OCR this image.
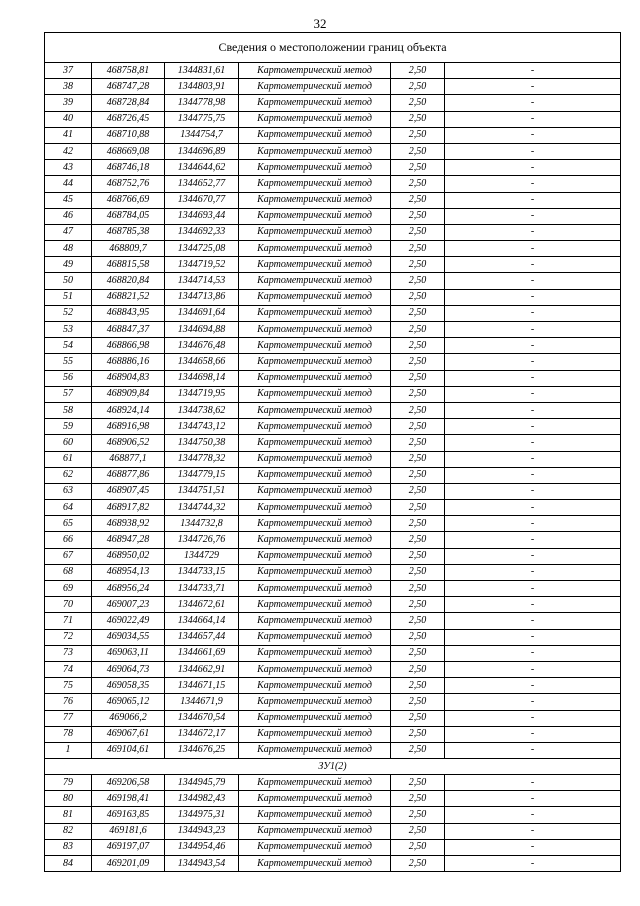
32
Сведения о местоположении границ объекта					
37	468758,81	1344831,61	Картометрический метод	2,50	-
38	468747,28	1344803,91	Картометрический метод	2,50	-
39	468728,84	1344778,98	Картометрический метод	2,50	-
40	468726,45	1344775,75	Картометрический метод	2,50	-
41	468710,88	1344754,7	Картометрический метод	2,50	-
42	468669,08	1344696,89	Картометрический метод	2,50	-
43	468746,18	1344644,62	Картометрический метод	2,50	-
44	468752,76	1344652,77	Картометрический метод	2,50	-
45	468766,69	1344670,77	Картометрический метод	2,50	-
46	468784,05	1344693,44	Картометрический метод	2,50	-
47	468785,38	1344692,33	Картометрический метод	2,50	-
48	468809,7	1344725,08	Картометрический метод	2,50	-
49	468815,58	1344719,52	Картометрический метод	2,50	-
50	468820,84	1344714,53	Картометрический метод	2,50	-
51	468821,52	1344713,86	Картометрический метод	2,50	-
52	468843,95	1344691,64	Картометрический метод	2,50	-
53	468847,37	1344694,88	Картометрический метод	2,50	-
54	468866,98	1344676,48	Картометрический метод	2,50	-
55	468886,16	1344658,66	Картометрический метод	2,50	-
56	468904,83	1344698,14	Картометрический метод	2,50	-
57	468909,84	1344719,95	Картометрический метод	2,50	-
58	468924,14	1344738,62	Картометрический метод	2,50	-
59	468916,98	1344743,12	Картометрический метод	2,50	-
60	468906,52	1344750,38	Картометрический метод	2,50	-
61	468877,1	1344778,32	Картометрический метод	2,50	-
62	468877,86	1344779,15	Картометрический метод	2,50	-
63	468907,45	1344751,51	Картометрический метод	2,50	-
64	468917,82	1344744,32	Картометрический метод	2,50	-
65	468938,92	1344732,8	Картометрический метод	2,50	-
66	468947,28	1344726,76	Картометрический метод	2,50	-
67	468950,02	1344729	Картометрический метод	2,50	-
68	468954,13	1344733,15	Картометрический метод	2,50	-
69	468956,24	1344733,71	Картометрический метод	2,50	-
70	469007,23	1344672,61	Картометрический метод	2,50	-
71	469022,49	1344664,14	Картометрический метод	2,50	-
72	469034,55	1344657,44	Картометрический метод	2,50	-
73	469063,11	1344661,69	Картометрический метод	2,50	-
74	469064,73	1344662,91	Картометрический метод	2,50	-
75	469058,35	1344671,15	Картометрический метод	2,50	-
76	469065,12	1344671,9	Картометрический метод	2,50	-
77	469066,2	1344670,54	Картометрический метод	2,50	-
78	469067,61	1344672,17	Картометрический метод	2,50	-
1	469104,61	1344676,25	Картометрический метод	2,50	-
ЗУ1(2)					
79	469206,58	1344945,79	Картометрический метод	2,50	-
80	469198,41	1344982,43	Картометрический метод	2,50	-
81	469163,85	1344975,31	Картометрический метод	2,50	-
82	469181,6	1344943,23	Картометрический метод	2,50	-
83	469197,07	1344954,46	Картометрический метод	2,50	-
84	469201,09	1344943,54	Картометрический метод	2,50	-
